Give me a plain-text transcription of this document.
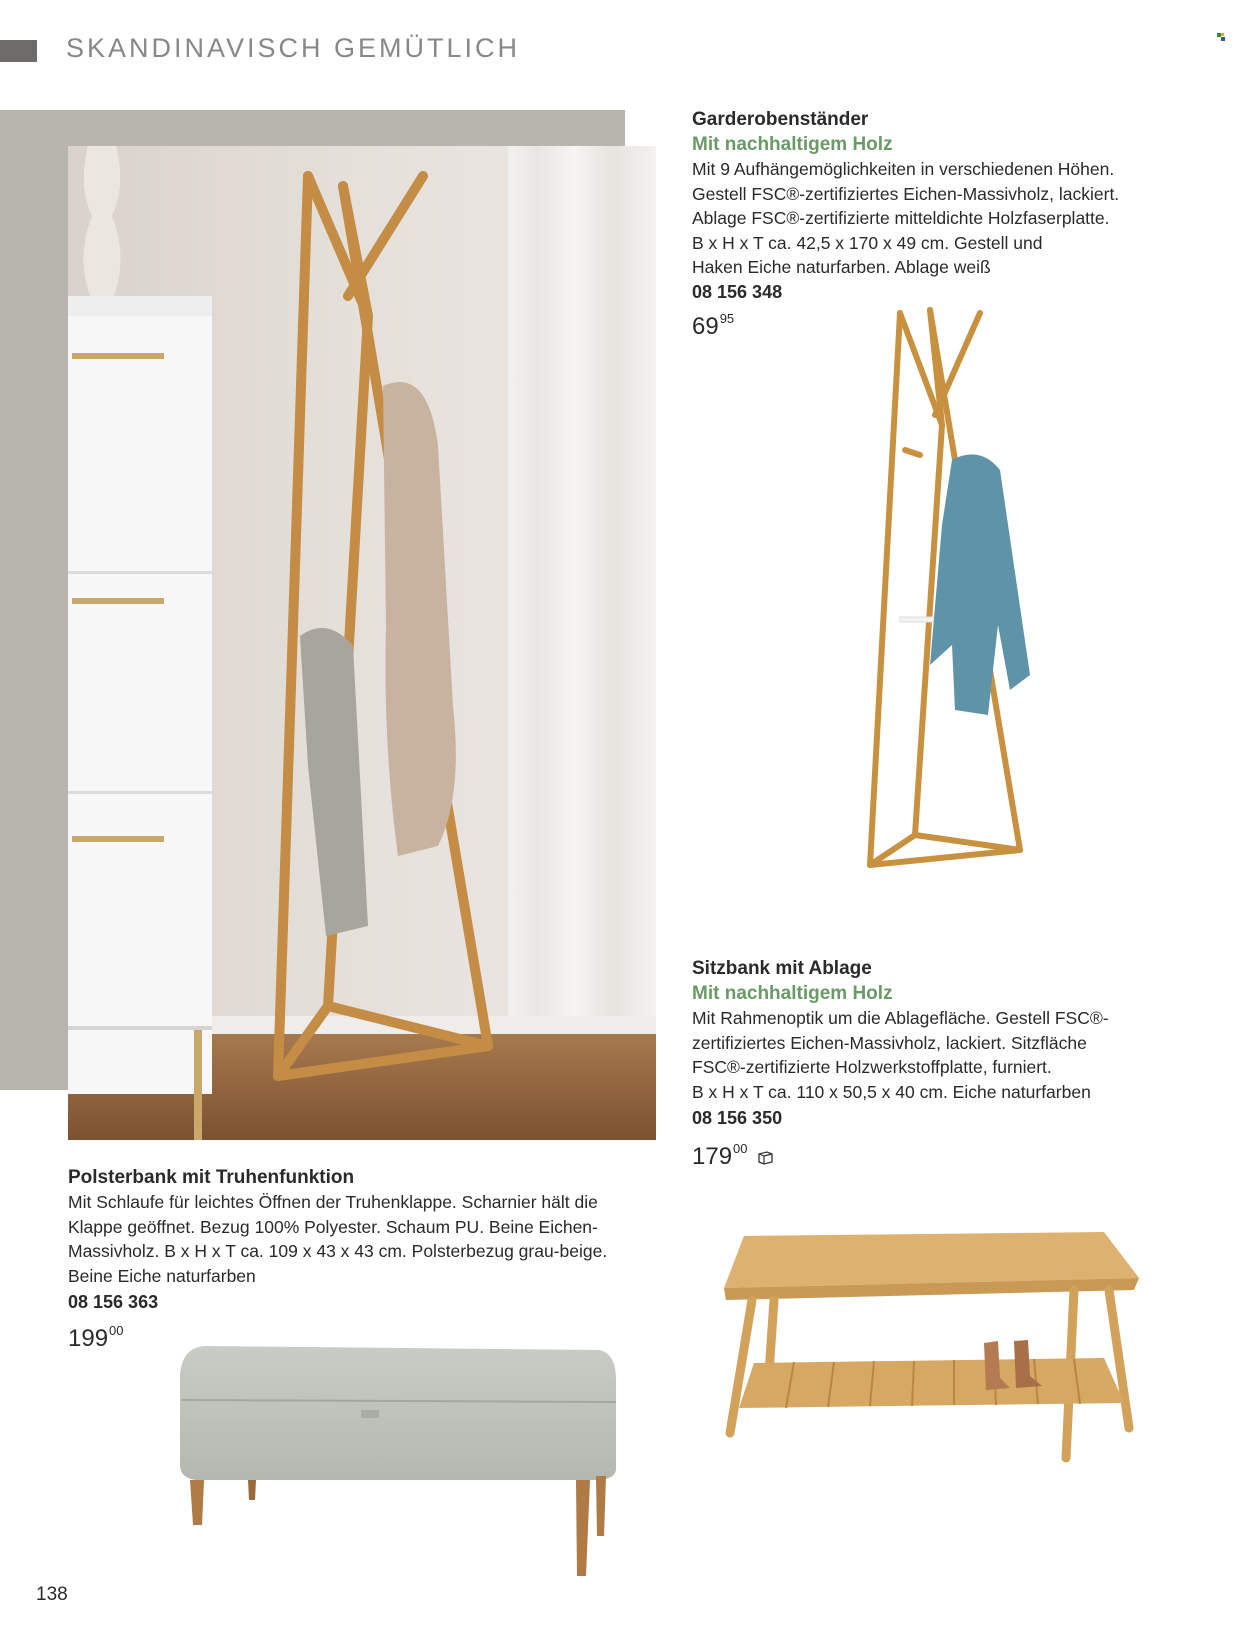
SKANDINAVISCH GEMÜTLICH
Garderobenständer
Mit nachhaltigem Holz
Mit 9 Aufhängemöglichkeiten in verschiedenen Höhen.
Gestell FSC®-zertifiziertes Eichen-Massivholz, lackiert.
Ablage FSC®-zertifizierte mitteldichte Holzfaserplatte.
B x H x T ca. 42,5 x 170 x 49 cm. Gestell und
Haken Eiche naturfarben. Ablage weiß
08 156 348
$69^{95}$
Sitzbank mit Ablage
Mit nachhaltigem Holz
Mit Rahmenoptik um die Ablagefläche. Gestell FSC®-
zertifiziertes Eichen-Massivholz, lackiert. Sitzfläche
FSC®-zertifizierte Holzwerkstoffplatte, furniert.
B x H x T ca. 110 x 50,5 x 40 cm. Eiche naturfarben
08 156 350
$179^{00}$
Polsterbank mit Truhenfunktion
Mit Schlaufe für leichtes Öffnen der Truhenklappe. Scharnier hält die
Klappe geöffnet. Bezug 100% Polyester. Schaum PU. Beine Eichen-
Massivholz. B x H x T ca. 109 x 43 x 43 cm. Polsterbezug grau-beige.
Beine Eiche naturfarben
08 156 363
$199^{00}$
138
